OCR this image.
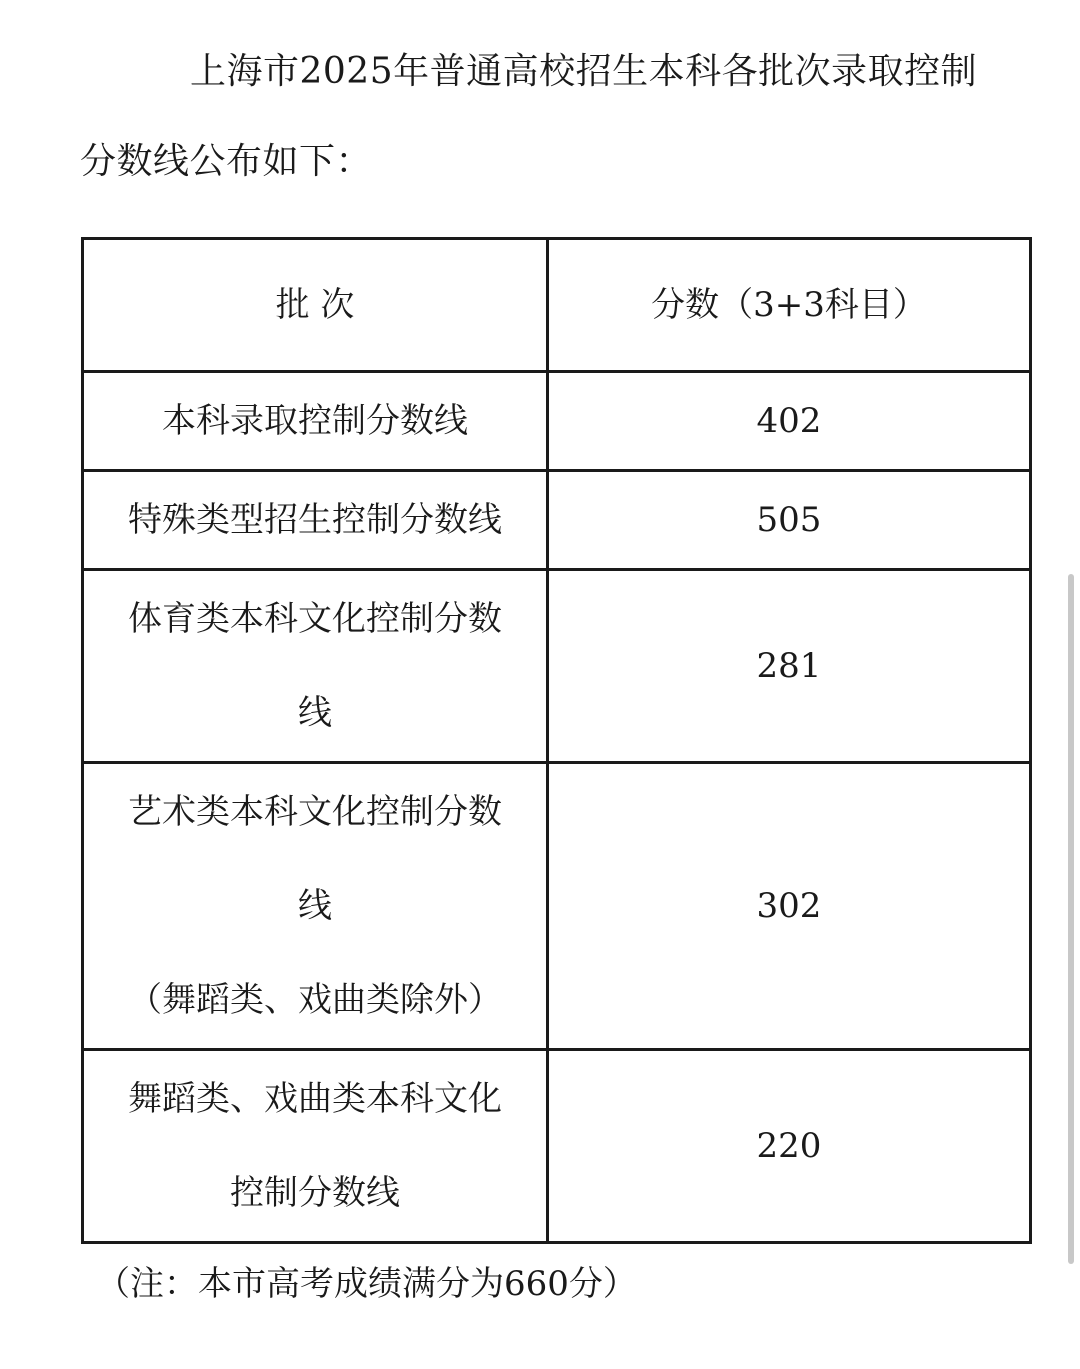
上海市2025年普通高校招生本科各批次录取控制
分数线公布如下：
批 次	分数（3+3科目）

本科录取控制分数线	402

特殊类型招生控制分数线	505

体育类本科文化控制分数
线	281

艺术类本科文化控制分数
线
（舞蹈类、戏曲类除外）	302

舞蹈类、戏曲类本科文化
控制分数线	220
（注：本市高考成绩满分为660分）
